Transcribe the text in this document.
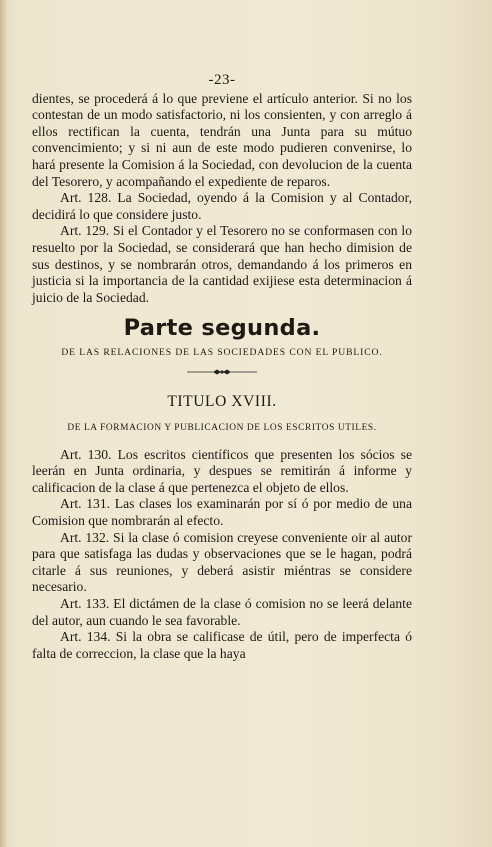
-23-

dientes, se procederá á lo que previene el artículo anterior. Si no los contestan de un modo satisfactorio, ni los consienten, y con arreglo á ellos rectifican la cuenta, tendrán una Junta para su mútuo convencimiento; y si ni aun de este modo pudieren convenirse, lo hará presente la Comision á la Sociedad, con devolucion de la cuenta del Tesorero, y acompañando el expediente de reparos.

Art. 128. La Sociedad, oyendo á la Comision y al Contador, decidirá lo que considere justo.

Art. 129. Si el Contador y el Tesorero no se conformasen con lo resuelto por la Sociedad, se considerará que han hecho dimision de sus destinos, y se nombrarán otros, demandando á los primeros en justicia si la importancia de la cantidad exijiese esta determinacion á juicio de la Sociedad.

Parte segunda.
DE LAS RELACIONES DE LAS SOCIEDADES CON EL PUBLICO.
TITULO XVIII.
DE LA FORMACION Y PUBLICACION DE LOS ESCRITOS UTILES.

Art. 130. Los escritos científicos que presenten los sócios se leerán en Junta ordinaria, y despues se remitirán á informe y calificacion de la clase á que pertenezca el objeto de ellos.

Art. 131. Las clases los examinarán por sí ó por medio de una Comision que nombrarán al efecto.

Art. 132. Si la clase ó comision creyese conveniente oir al autor para que satisfaga las dudas y observaciones que se le hagan, podrá citarle á sus reuniones, y deberá asistir miéntras se considere necesario.

Art. 133. El dictámen de la clase ó comision no se leerá delante del autor, aun cuando le sea favorable.

Art. 134. Si la obra se calificase de útil, pero de imperfecta ó falta de correccion, la clase que la haya
